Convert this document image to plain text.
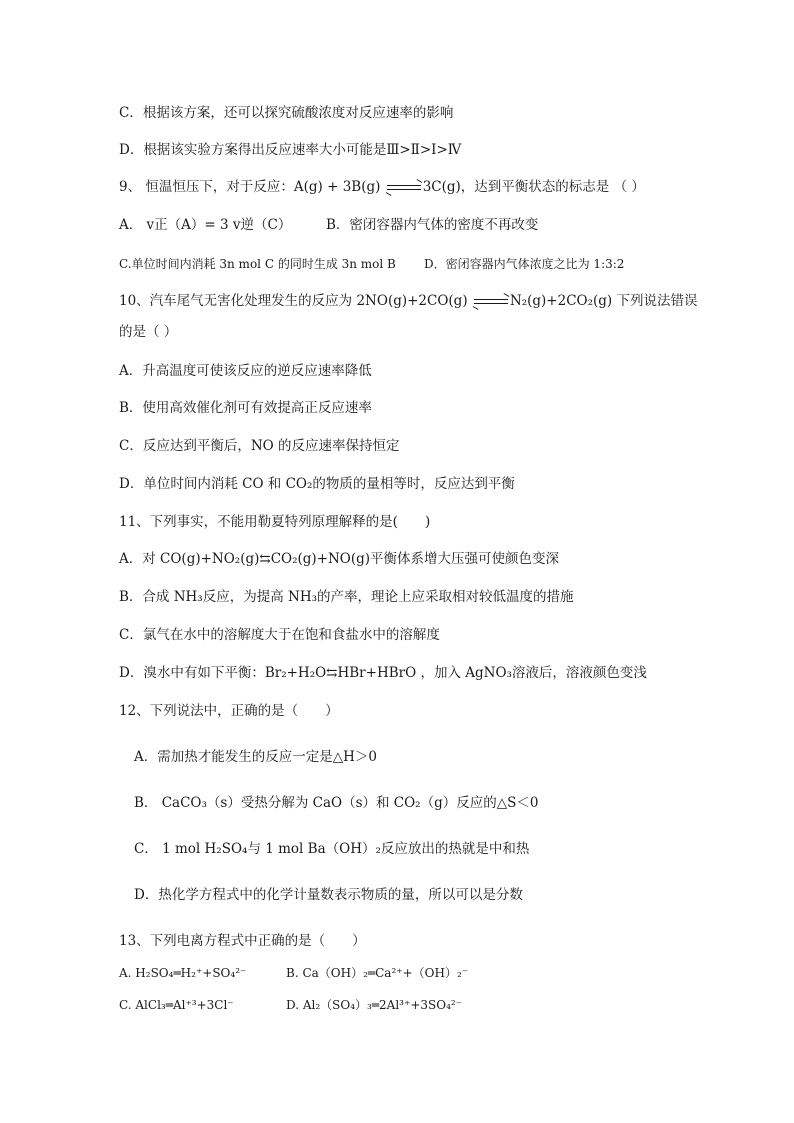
C．根据该方案，还可以探究硫酸浓度对反应速率的影响
D．根据该实验方案得出反应速率大小可能是Ⅲ>Ⅱ>Ⅰ>Ⅳ
9、 恒温恒压下，对于反应：A(g) + 3B(g)	3C(g)，达到平衡状态的标志是 （ ）
A． v正（A）= 3 v逆（C）	B．密闭容器内气体的密度不再改变
C.单位时间内消耗 3n mol C 的同时生成 3n mol B D．密闭容器内气体浓度之比为 1:3:2
10、汽车尾气无害化处理发生的反应为 2NO(g)+2CO(g)	N₂(g)+2CO₂(g) 下列说法错误
的是（ ）
A．升高温度可使该反应的逆反应速率降低
B．使用高效催化剂可有效提高正反应速率
C．反应达到平衡后，NO 的反应速率保持恒定
D．单位时间内消耗 CO 和 CO₂的物质的量相等时，反应达到平衡
11、下列事实，不能用勒夏特列原理解释的是(　　)
A．对 CO(g)+NO₂(g)⇆CO₂(g)+NO(g)平衡体系增大压强可使颜色变深
B．合成 NH₃反应，为提高 NH₃的产率，理论上应采取相对较低温度的措施
C．氯气在水中的溶解度大于在饱和食盐水中的溶解度
D．溴水中有如下平衡：Br₂+H₂O⇆HBr+HBrO ，加入 AgNO₃溶液后，溶液颜色变浅
12、下列说法中，正确的是（　　）
A．需加热才能发生的反应一定是△H＞0
B． CaCO₃（s）受热分解为 CaO（s）和 CO₂（g）反应的△S＜0
C． 1 mol H₂SO₄与 1 mol Ba（OH）₂反应放出的热就是中和热
D．热化学方程式中的化学计量数表示物质的量，所以可以是分数
13、下列电离方程式中正确的是（　　）
A. H₂SO₄═H₂⁺+SO₄²⁻	B. Ca（OH）₂═Ca²⁺+（OH）₂⁻
C. AlCl₃═Al⁺³+3Cl⁻	D. Al₂（SO₄）₃═2Al³⁺+3SO₄²⁻
